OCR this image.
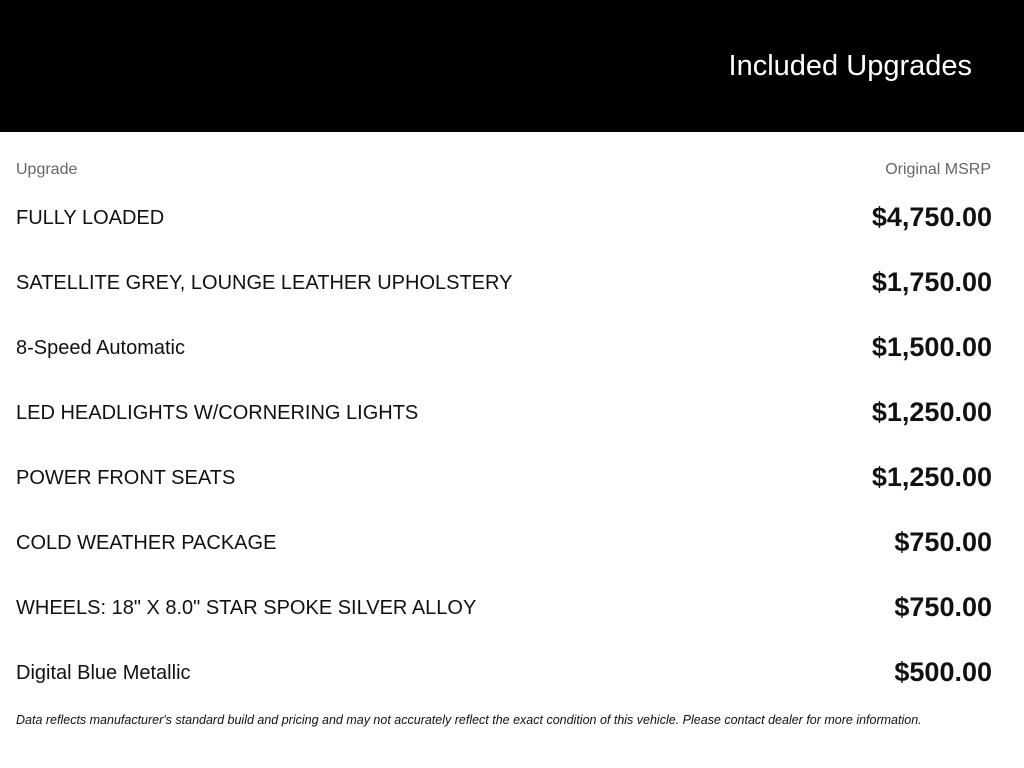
Included Upgrades
Upgrade	Original MSRP
FULLY LOADED	$4,750.00
SATELLITE GREY, LOUNGE LEATHER UPHOLSTERY	$1,750.00
8-Speed Automatic	$1,500.00
LED HEADLIGHTS W/CORNERING LIGHTS	$1,250.00
POWER FRONT SEATS	$1,250.00
COLD WEATHER PACKAGE	$750.00
WHEELS: 18" X 8.0" STAR SPOKE SILVER ALLOY	$750.00
Digital Blue Metallic	$500.00
Data reflects manufacturer's standard build and pricing and may not accurately reflect the exact condition of this vehicle. Please contact dealer for more information.
